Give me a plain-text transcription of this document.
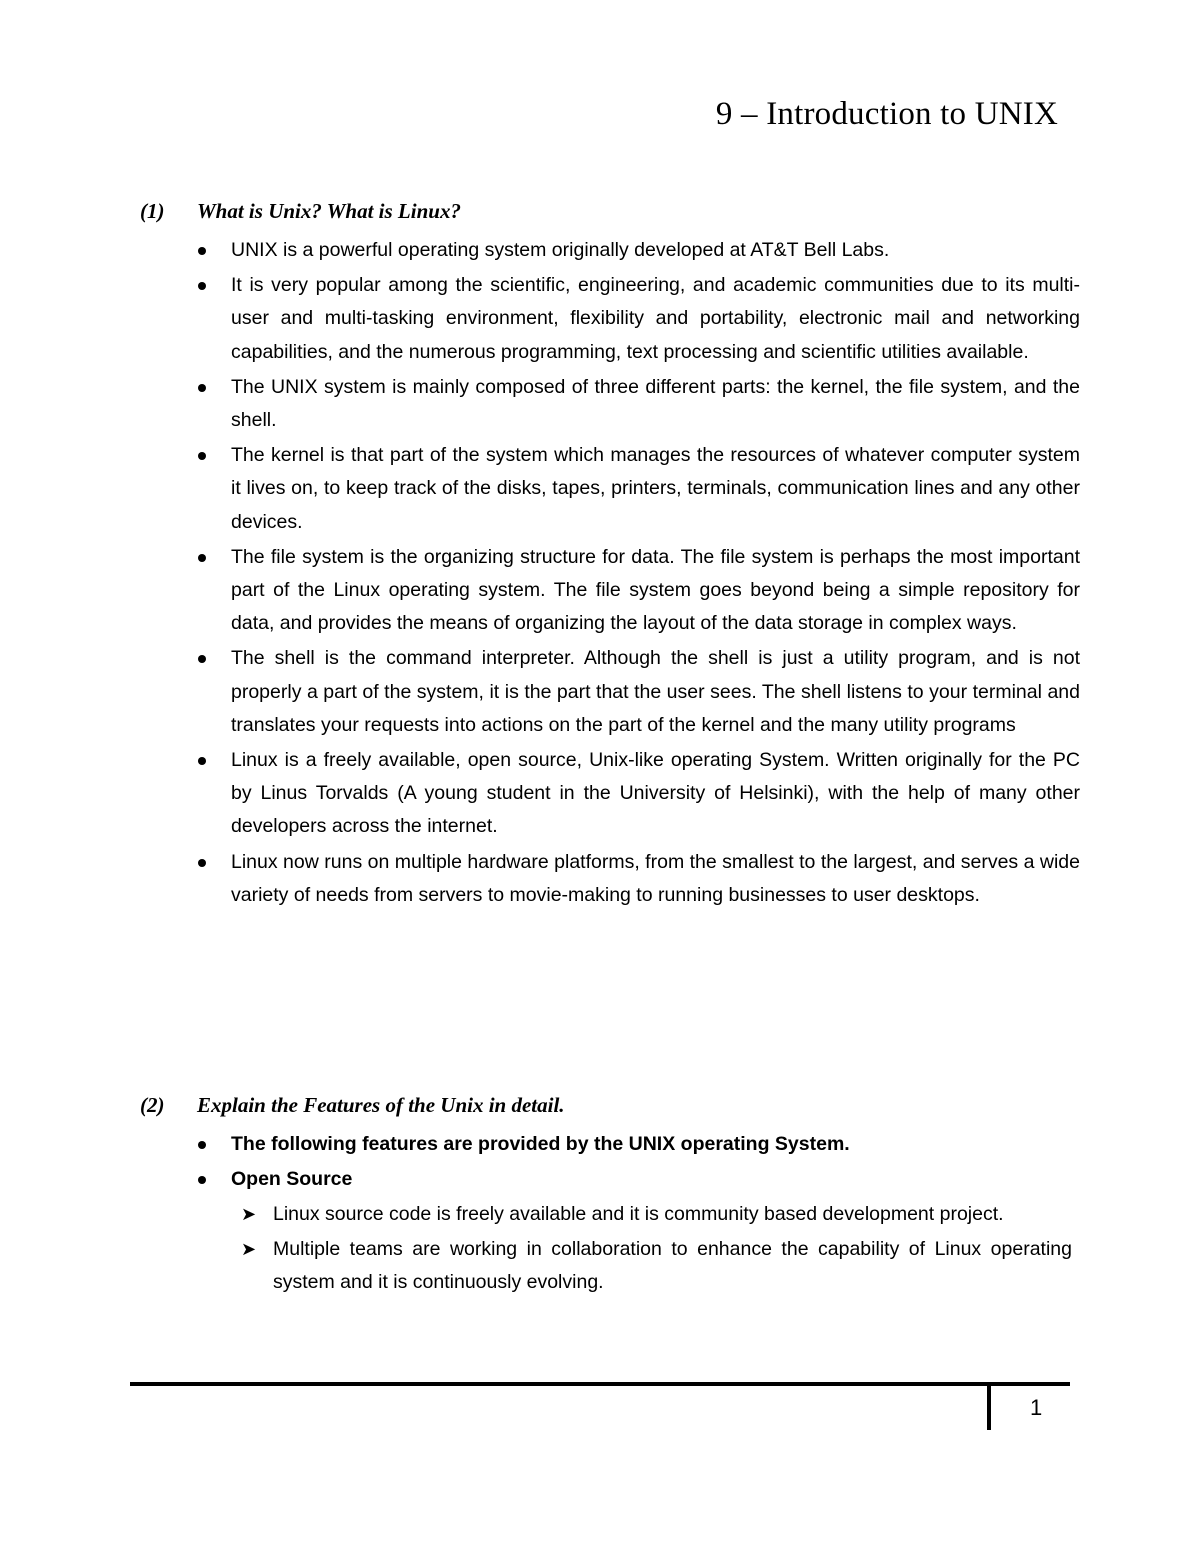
9 – Introduction to UNIX
(1)	What is Unix? What is Linux?
UNIX is a powerful operating system originally developed at AT&T Bell Labs.
It is very popular among the scientific, engineering, and academic communities due to its multi-user and multi-tasking environment, flexibility and portability, electronic mail and networking capabilities, and the numerous programming, text processing and scientific utilities available.
The UNIX system is mainly composed of three different parts: the kernel, the file system, and the shell.
The kernel is that part of the system which manages the resources of whatever computer system it lives on, to keep track of the disks, tapes, printers, terminals, communication lines and any other devices.
The file system is the organizing structure for data. The file system is perhaps the most important part of the Linux operating system. The file system goes beyond being a simple repository for data, and provides the means of organizing the layout of the data storage in complex ways.
The shell is the command interpreter. Although the shell is just a utility program, and is not properly a part of the system, it is the part that the user sees. The shell listens to your terminal and translates your requests into actions on the part of the kernel and the many utility programs
Linux is a freely available, open source, Unix-like operating System. Written originally for the PC by Linus Torvalds (A young student in the University of Helsinki), with the help of many other developers across the internet.
Linux now runs on multiple hardware platforms, from the smallest to the largest, and serves a wide variety of needs from servers to movie-making to running businesses to user desktops.
(2)	Explain the Features of the Unix in detail.
The following features are provided by the UNIX operating System.
Open Source
➤ Linux source code is freely available and it is community based development project.
➤ Multiple teams are working in collaboration to enhance the capability of Linux operating system and it is continuously evolving.
1
